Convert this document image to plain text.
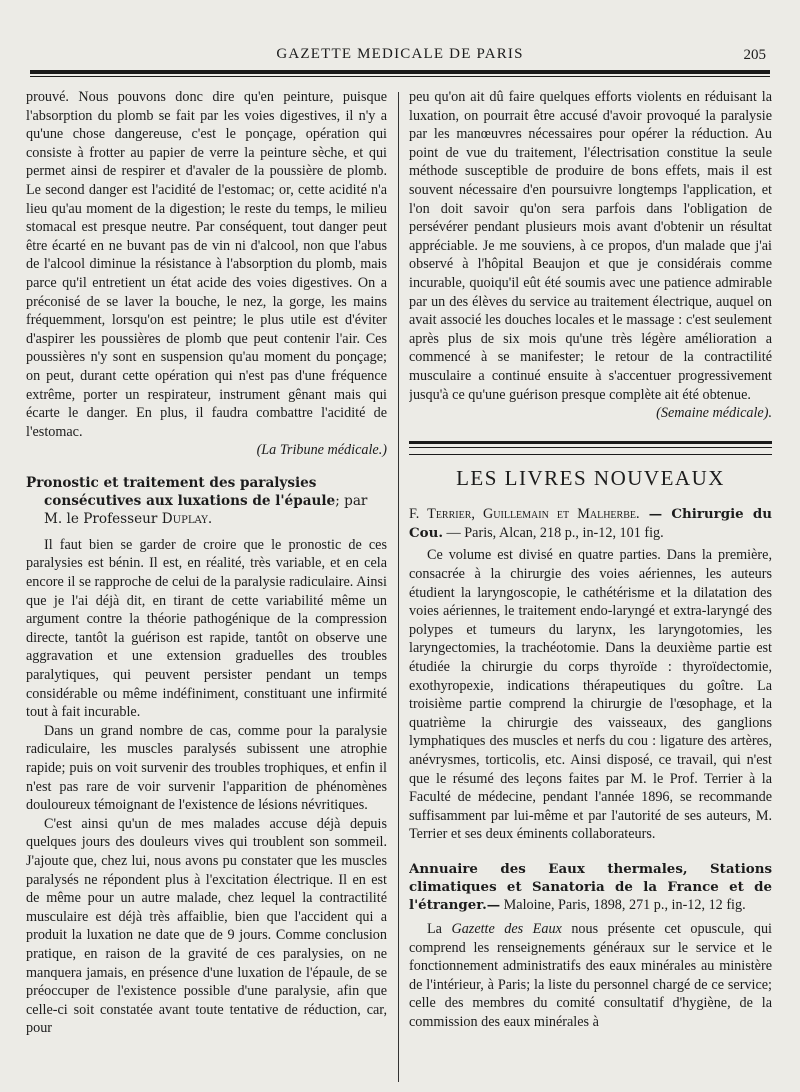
GAZETTE MEDICALE DE PARIS	205

prouvé. Nous pouvons donc dire qu'en peinture, puisque l'absorption du plomb se fait par les voies digestives, il n'y a qu'une chose dangereuse, c'est le ponçage, opération qui consiste à frotter au papier de verre la peinture sèche, et qui permet ainsi de respirer et d'avaler de la poussière de plomb. Le second danger est l'acidité de l'estomac; or, cette acidité n'a lieu qu'au moment de la digestion; le reste du temps, le milieu stomacal est presque neutre. Par conséquent, tout danger peut être écarté en ne buvant pas de vin ni d'alcool, non que l'abus de l'alcool diminue la résistance à l'absorption du plomb, mais parce qu'il entretient un état acide des voies digestives. On a préconisé de se laver la bouche, le nez, la gorge, les mains fréquemment, lorsqu'on est peintre; le plus utile est d'éviter d'aspirer les poussières de plomb que peut contenir l'air. Ces poussières n'y sont en suspension qu'au moment du ponçage; on peut, durant cette opération qui n'est pas d'une fréquence extrême, porter un respirateur, instrument gênant mais qui écarte le danger. En plus, il faudra combattre l'acidité de l'estomac.

(La Tribune médicale.)
Pronostic et traitement des paralysies consécutives aux luxations de l'épaule; par M. le Professeur Duplay.

Il faut bien se garder de croire que le pronostic de ces paralysies est bénin. Il est, en réalité, très variable, et en cela encore il se rapproche de celui de la paralysie radiculaire. Ainsi que je l'ai déjà dit, en tirant de cette variabilité même un argument contre la théorie pathogénique de la compression directe, tantôt la guérison est rapide, tantôt on observe une aggravation et une extension graduelles des troubles paralytiques, qui peuvent persister pendant un temps considérable ou même indéfiniment, constituant une infirmité tout à fait incurable.

Dans un grand nombre de cas, comme pour la paralysie radiculaire, les muscles paralysés subissent une atrophie rapide; puis on voit survenir des troubles trophiques, et enfin il n'est pas rare de voir survenir l'apparition de phénomènes douloureux témoignant de l'existence de lésions névritiques.

C'est ainsi qu'un de mes malades accuse déjà depuis quelques jours des douleurs vives qui troublent son sommeil. J'ajoute que, chez lui, nous avons pu constater que les muscles paralysés ne répondent plus à l'excitation électrique. Il en est de même pour un autre malade, chez lequel la contractilité musculaire est déjà très affaiblie, bien que l'accident qui a produit la luxation ne date que de 9 jours. Comme conclusion pratique, en raison de la gravité de ces paralysies, on ne manquera jamais, en présence d'une luxation de l'épaule, de se préoccuper de l'existence possible d'une paralysie, afin que celle-ci soit constatée avant toute tentative de réduction, car, pour

peu qu'on ait dû faire quelques efforts violents en réduisant la luxation, on pourrait être accusé d'avoir provoqué la paralysie par les manœuvres nécessaires pour opérer la réduction. Au point de vue du traitement, l'électrisation constitue la seule méthode susceptible de produire de bons effets, mais il est souvent nécessaire d'en poursuivre longtemps l'application, et l'on doit savoir qu'on sera parfois dans l'obligation de persévérer pendant plusieurs mois avant d'obtenir un résultat appréciable. Je me souviens, à ce propos, d'un malade que j'ai observé à l'hôpital Beaujon et que je considérais comme incurable, quoiqu'il eût été soumis avec une patience admirable par un des élèves du service au traitement électrique, auquel on avait associé les douches locales et le massage : c'est seulement après plus de six mois qu'une très légère amélioration a commencé à se manifester; le retour de la contractilité musculaire a continué ensuite à s'accentuer progressivement jusqu'à ce qu'une guérison presque complète ait été obtenue.

(Semaine médicale).
LES LIVRES NOUVEAUX

F. Terrier, Guillemain et Malherbe. — Chirurgie du Cou. — Paris, Alcan, 218 p., in-12, 101 fig.

Ce volume est divisé en quatre parties. Dans la première, consacrée à la chirurgie des voies aériennes, les auteurs étudient la laryngoscopie, le cathétérisme et la dilatation des voies aériennes, le traitement endo-laryngé et extra-laryngé des polypes et tumeurs du larynx, les laryngotomies, les laryngectomies, la trachéotomie. Dans la deuxième partie est étudiée la chirurgie du corps thyroïde : thyroïdectomie, exothyropexie, indications thérapeutiques du goître. La troisième partie comprend la chirurgie de l'œsophage, et la quatrième la chirurgie des vaisseaux, des ganglions lymphatiques des muscles et nerfs du cou : ligature des artères, anévrysmes, torticolis, etc. Ainsi disposé, ce travail, qui n'est que le résumé des leçons faites par M. le Prof. Terrier à la Faculté de médecine, pendant l'année 1896, se recommande suffisamment par lui-même et par l'autorité de ses auteurs, M. Terrier et ses deux éminents collaborateurs.

Annuaire des Eaux thermales, Stations climatiques et Sanatoria de la France et de l'étranger.— Maloine, Paris, 1898, 271 p., in-12, 12 fig.

La Gazette des Eaux nous présente cet opuscule, qui comprend les renseignements généraux sur le service et le fonctionnement administratifs des eaux minérales au ministère de l'intérieur, à Paris; la liste du personnel chargé de ce service; celle des membres du comité consultatif d'hygiène, de la commission des eaux minérales à
